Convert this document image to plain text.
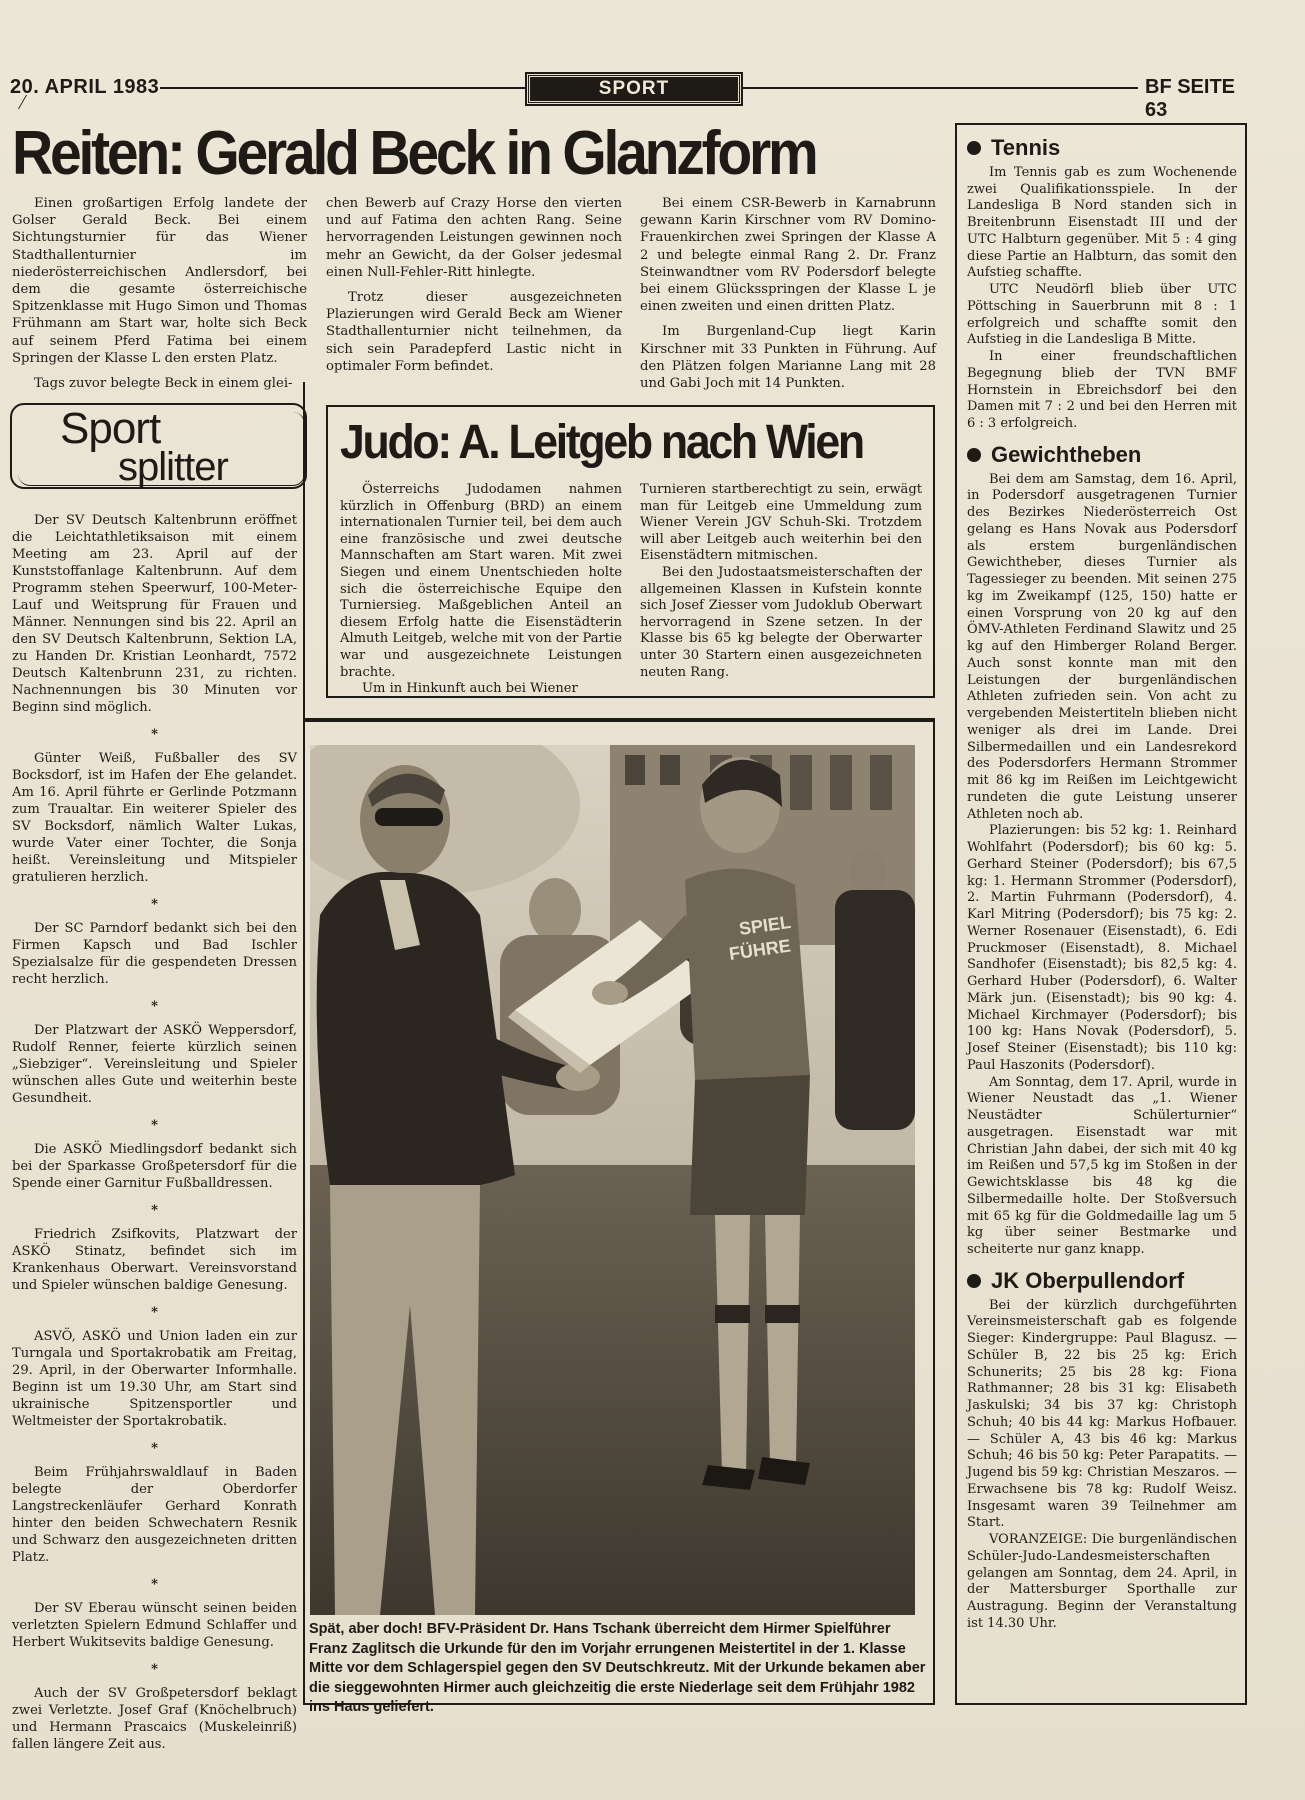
20. APRIL 1983	SPORT	BF SEITE 63
Reiten: Gerald Beck in Glanzform

Einen großartigen Erfolg landete der Golser Gerald Beck. Bei einem Sichtungsturnier für das Wiener Stadthallenturnier im niederösterreichischen Andlersdorf, bei dem die gesamte österreichische Spitzenklasse mit Hugo Simon und Thomas Frühmann am Start war, holte sich Beck auf seinem Pferd Fatima bei einem Springen der Klasse L den ersten Platz.

Tags zuvor belegte Beck in einem glei-

chen Bewerb auf Crazy Horse den vierten und auf Fatima den achten Rang. Seine hervorragenden Leistungen gewinnen noch mehr an Gewicht, da der Golser jedesmal einen Null-Fehler-Ritt hinlegte.

Trotz dieser ausgezeichneten Plazierungen wird Gerald Beck am Wiener Stadthallenturnier nicht teilnehmen, da sich sein Paradepferd Lastic nicht in optimaler Form befindet.

Bei einem CSR-Bewerb in Karnabrunn gewann Karin Kirschner vom RV Domino-Frauenkirchen zwei Springen der Klasse A 2 und belegte einmal Rang 2. Dr. Franz Steinwandtner vom RV Podersdorf belegte bei einem Glücksspringen der Klasse L je einen zweiten und einen dritten Platz.

Im Burgenland-Cup liegt Karin Kirschner mit 33 Punkten in Führung. Auf den Plätzen folgen Marianne Lang mit 28 und Gabi Joch mit 14 Punkten.

Sport
splitter

Der SV Deutsch Kaltenbrunn eröffnet die Leichtathletiksaison mit einem Meeting am 23. April auf der Kunststoffanlage Kaltenbrunn. Auf dem Programm stehen Speerwurf, 100-Meter-Lauf und Weitsprung für Frauen und Männer. Nennungen sind bis 22. April an den SV Deutsch Kaltenbrunn, Sektion LA, zu Handen Dr. Kristian Leonhardt, 7572 Deutsch Kaltenbrunn 231, zu richten. Nachnennungen bis 30 Minuten vor Beginn sind möglich.

*

Günter Weiß, Fußballer des SV Bocksdorf, ist im Hafen der Ehe gelandet. Am 16. April führte er Gerlinde Potzmann zum Traualtar. Ein weiterer Spieler des SV Bocksdorf, nämlich Walter Lukas, wurde Vater einer Tochter, die Sonja heißt. Vereinsleitung und Mitspieler gratulieren herzlich.

*

Der SC Parndorf bedankt sich bei den Firmen Kapsch und Bad Ischler Spezialsalze für die gespendeten Dressen recht herzlich.

*

Der Platzwart der ASKÖ Weppersdorf, Rudolf Renner, feierte kürzlich seinen „Siebziger“. Vereinsleitung und Spieler wünschen alles Gute und weiterhin beste Gesundheit.

*

Die ASKÖ Miedlingsdorf bedankt sich bei der Sparkasse Großpetersdorf für die Spende einer Garnitur Fußballdressen.

*

Friedrich Zsifkovits, Platzwart der ASKÖ Stinatz, befindet sich im Krankenhaus Oberwart. Vereinsvorstand und Spieler wünschen baldige Genesung.

*

ASVÖ, ASKÖ und Union laden ein zur Turngala und Sportakrobatik am Freitag, 29. April, in der Oberwarter Informhalle. Beginn ist um 19.30 Uhr, am Start sind ukrainische Spitzensportler und Weltmeister der Sportakrobatik.

*

Beim Frühjahrswaldlauf in Baden belegte der Oberdorfer Langstreckenläufer Gerhard Konrath hinter den beiden Schwechatern Resnik und Schwarz den ausgezeichneten dritten Platz.

*

Der SV Eberau wünscht seinen beiden verletzten Spielern Edmund Schlaffer und Herbert Wukitsevits baldige Genesung.

*

Auch der SV Großpetersdorf beklagt zwei Verletzte. Josef Graf (Knöchelbruch) und Hermann Prascaics (Muskeleinriß) fallen längere Zeit aus.

Judo: A. Leitgeb nach Wien

Österreichs Judodamen nahmen kürzlich in Offenburg (BRD) an einem internationalen Turnier teil, bei dem auch eine französische und zwei deutsche Mannschaften am Start waren. Mit zwei Siegen und einem Unentschieden holte sich die österreichische Equipe den Turniersieg. Maßgeblichen Anteil an diesem Erfolg hatte die Eisenstädterin Almuth Leitgeb, welche mit von der Partie war und ausgezeichnete Leistungen brachte.

Um in Hinkunft auch bei Wiener

Turnieren startberechtigt zu sein, erwägt man für Leitgeb eine Ummeldung zum Wiener Verein JGV Schuh-Ski. Trotzdem will aber Leitgeb auch weiterhin bei den Eisenstädtern mitmischen.

Bei den Judostaatsmeisterschaften der allgemeinen Klassen in Kufstein konnte sich Josef Ziesser vom Judoklub Oberwart hervorragend in Szene setzen. In der Klasse bis 65 kg belegte der Oberwarter unter 30 Startern einen ausgezeichneten neuten Rang.

SPIEL
FÜHRE
Spät, aber doch! BFV-Präsident Dr. Hans Tschank überreicht dem Hirmer Spielführer Franz Zaglitsch die Urkunde für den im Vorjahr errungenen Meistertitel in der 1. Klasse Mitte vor dem Schlagerspiel gegen den SV Deutschkreutz. Mit der Urkunde bekamen aber die sieggewohnten Hirmer auch gleichzeitig die erste Niederlage seit dem Frühjahr 1982 ins Haus geliefert.
Tennis

Im Tennis gab es zum Wochenende zwei Qualifikationsspiele. In der Landesliga B Nord standen sich in Breitenbrunn Eisenstadt III und der UTC Halbturn gegenüber. Mit 5 : 4 ging diese Partie an Halbturn, das somit den Aufstieg schaffte.

UTC Neudörfl blieb über UTC Pöttsching in Sauerbrunn mit 8 : 1 erfolgreich und schaffte somit den Aufstieg in die Landesliga B Mitte.

In einer freundschaftlichen Begegnung blieb der TVN BMF Hornstein in Ebreichsdorf bei den Damen mit 7 : 2 und bei den Herren mit 6 : 3 erfolgreich.

Gewichtheben

Bei dem am Samstag, dem 16. April, in Podersdorf ausgetragenen Turnier des Bezirkes Niederösterreich Ost gelang es Hans Novak aus Podersdorf als erstem burgenländischen Gewichtheber, dieses Turnier als Tagessieger zu beenden. Mit seinen 275 kg im Zweikampf (125, 150) hatte er einen Vorsprung von 20 kg auf den ÖMV-Athleten Ferdinand Slawitz und 25 kg auf den Himberger Roland Berger. Auch sonst konnte man mit den Leistungen der burgenländischen Athleten zufrieden sein. Von acht zu vergebenden Meistertiteln blieben nicht weniger als drei im Lande. Drei Silbermedaillen und ein Landesrekord des Podersdorfers Hermann Strommer mit 86 kg im Reißen im Leichtgewicht rundeten die gute Leistung unserer Athleten noch ab.

Plazierungen: bis 52 kg: 1. Reinhard Wohlfahrt (Podersdorf); bis 60 kg: 5. Gerhard Steiner (Podersdorf); bis 67,5 kg: 1. Hermann Strommer (Podersdorf), 2. Martin Fuhrmann (Podersdorf), 4. Karl Mitring (Podersdorf); bis 75 kg: 2. Werner Rosenauer (Eisenstadt), 6. Edi Pruckmoser (Eisenstadt), 8. Michael Sandhofer (Eisenstadt); bis 82,5 kg: 4. Gerhard Huber (Podersdorf), 6. Walter Märk jun. (Eisenstadt); bis 90 kg: 4. Michael Kirchmayer (Podersdorf); bis 100 kg: Hans Novak (Podersdorf), 5. Josef Steiner (Eisenstadt); bis 110 kg: Paul Haszonits (Podersdorf).

Am Sonntag, dem 17. April, wurde in Wiener Neustadt das „1. Wiener Neustädter Schülerturnier“ ausgetragen. Eisenstadt war mit Christian Jahn dabei, der sich mit 40 kg im Reißen und 57,5 kg im Stoßen in der Gewichtsklasse bis 48 kg die Silbermedaille holte. Der Stoßversuch mit 65 kg für die Goldmedaille lag um 5 kg über seiner Bestmarke und scheiterte nur ganz knapp.

JK Oberpullendorf

Bei der kürzlich durchgeführten Vereinsmeisterschaft gab es folgende Sieger: Kindergruppe: Paul Blagusz. — Schüler B, 22 bis 25 kg: Erich Schunerits; 25 bis 28 kg: Fiona Rathmanner; 28 bis 31 kg: Elisabeth Jaskulski; 34 bis 37 kg: Christoph Schuh; 40 bis 44 kg: Markus Hofbauer. — Schüler A, 43 bis 46 kg: Markus Schuh; 46 bis 50 kg: Peter Parapatits. — Jugend bis 59 kg: Christian Meszaros. — Erwachsene bis 78 kg: Rudolf Weisz. Insgesamt waren 39 Teilnehmer am Start.

VORANZEIGE: Die burgenländischen Schüler-Judo-Landesmeisterschaften gelangen am Sonntag, dem 24. April, in der Mattersburger Sporthalle zur Austragung. Beginn der Veranstaltung ist 14.30 Uhr.
